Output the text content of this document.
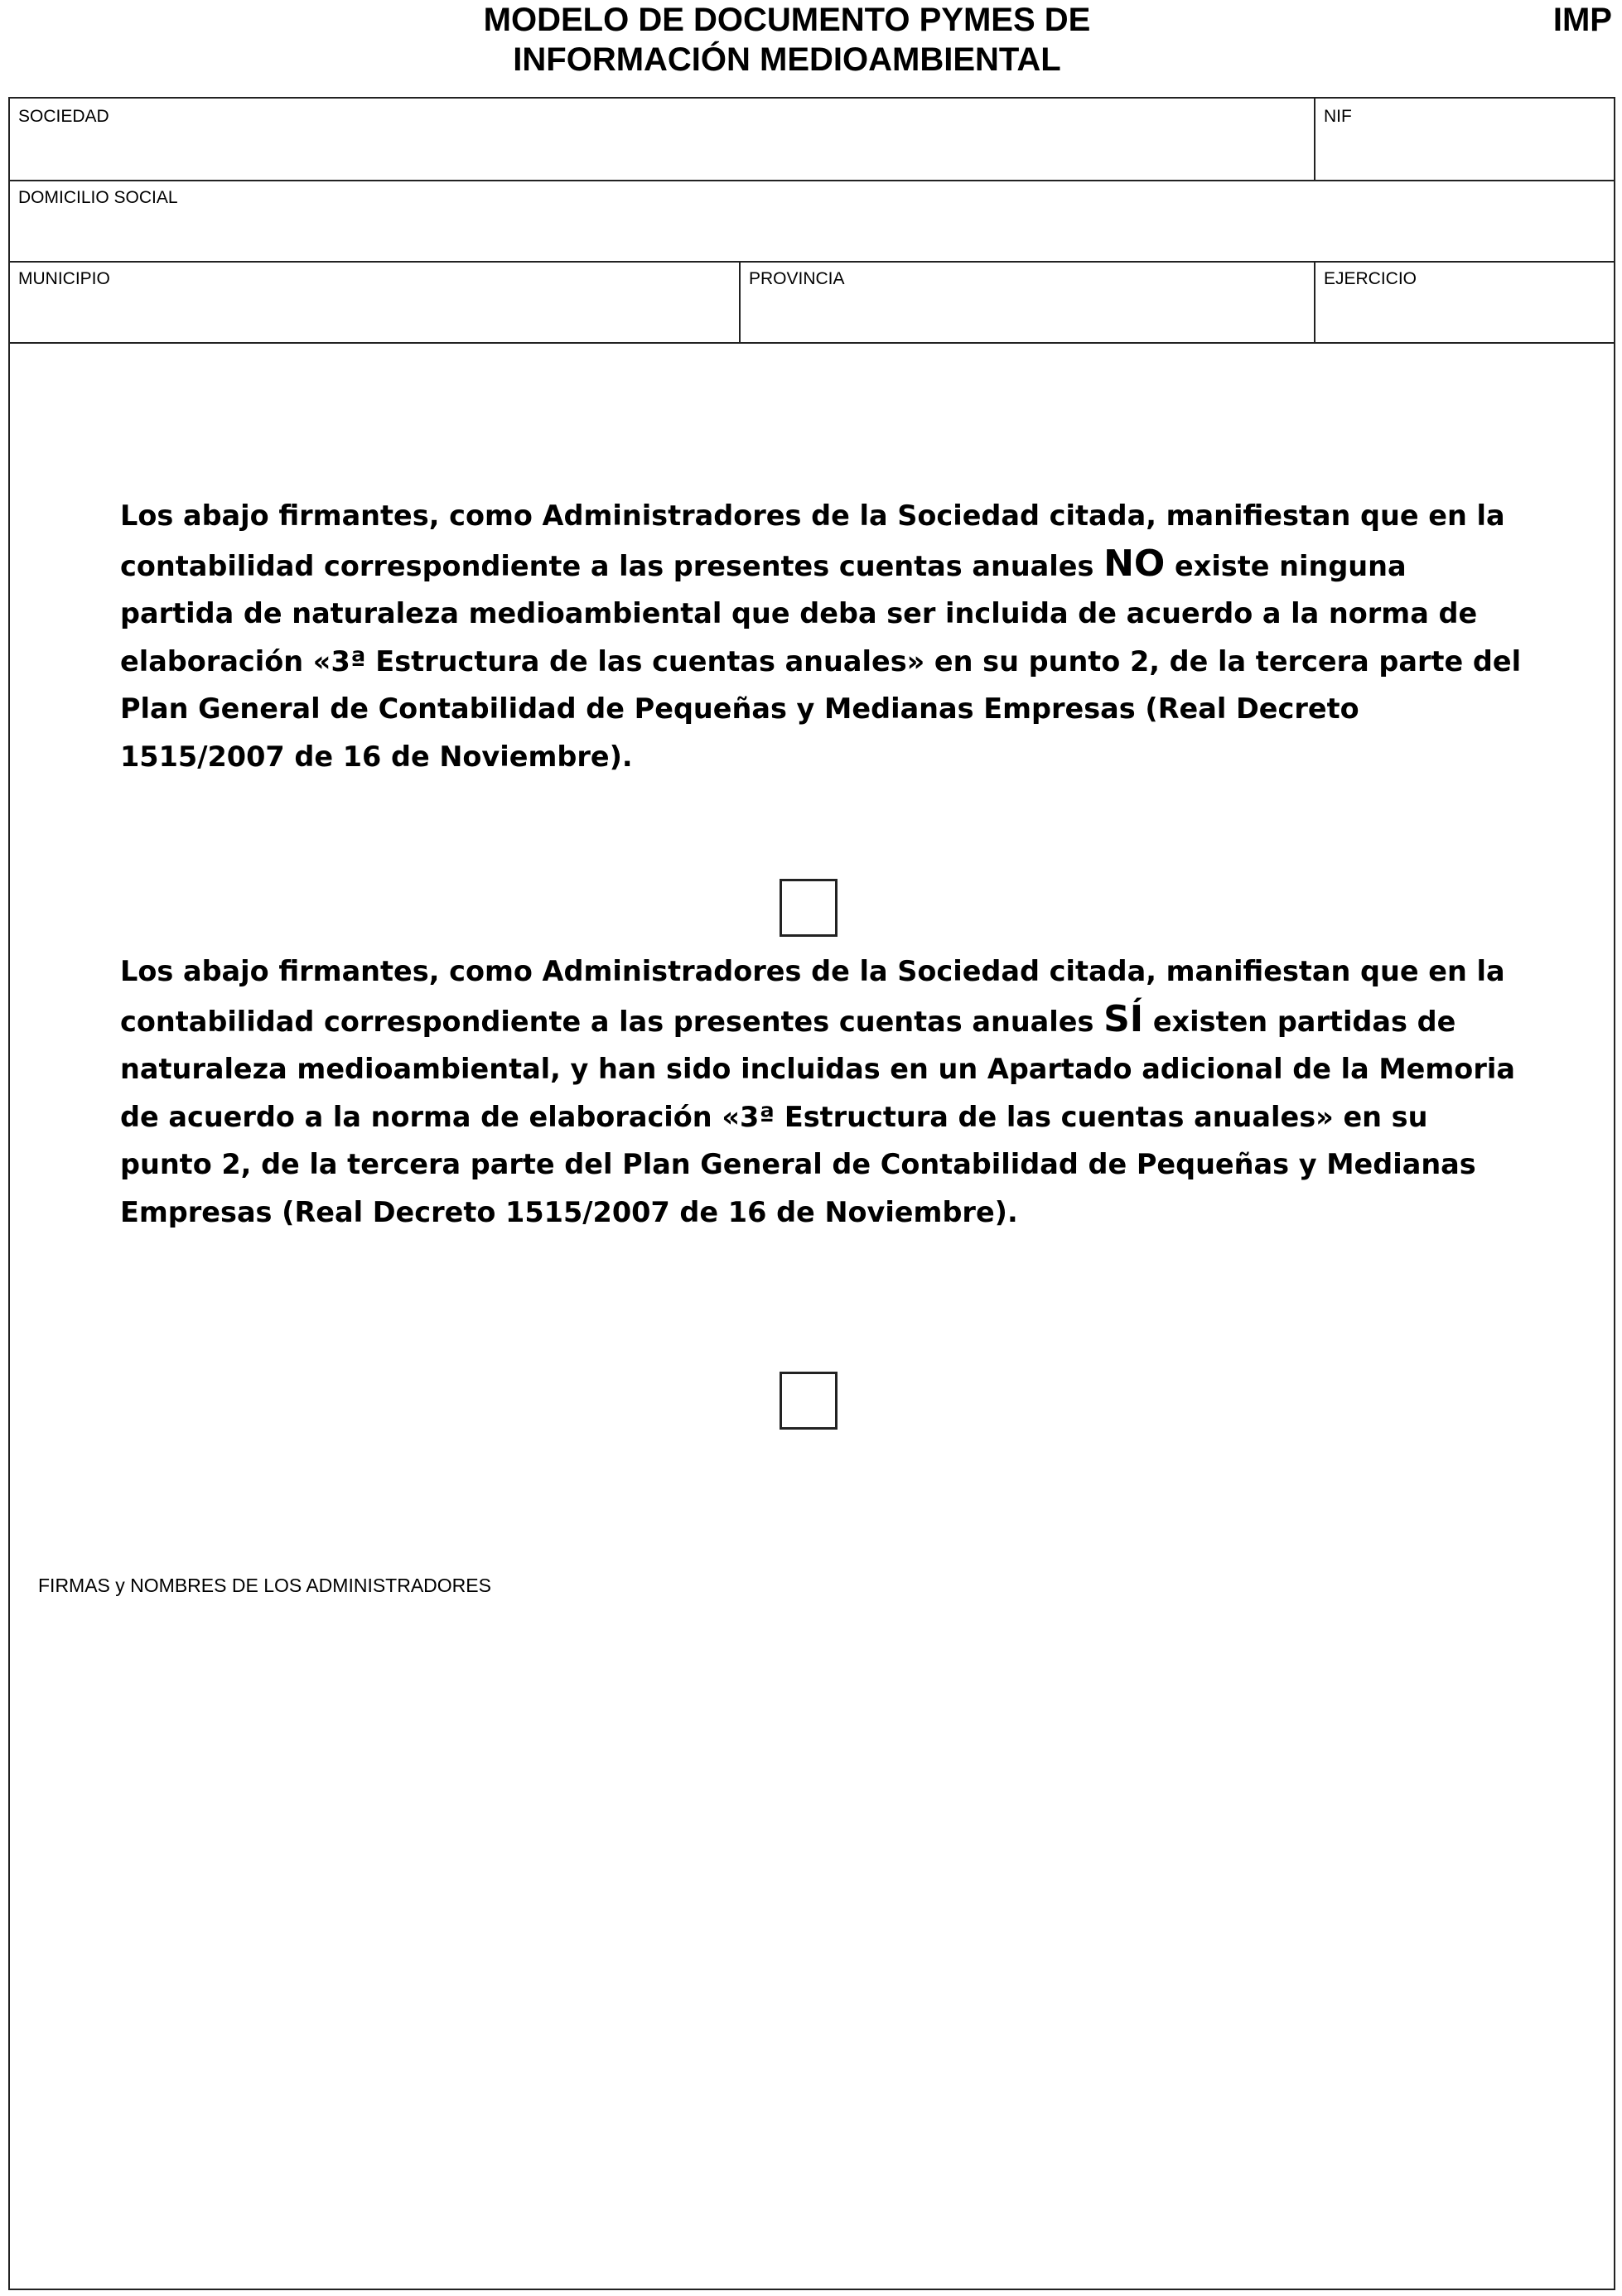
MODELO DE DOCUMENTO PYMES DE
INFORMACIÓN MEDIOAMBIENTAL
IMP
SOCIEDAD	NIF
DOMICILIO SOCIAL
MUNICIPIO	PROVINCIA	EJERCICIO
Los abajo firmantes, como Administradores de la Sociedad citada, manifiestan que en la contabilidad correspondiente a las presentes cuentas anuales NO existe ninguna partida de naturaleza medioambiental que deba ser incluida de acuerdo a la norma de elaboración «3ª Estructura de las cuentas anuales» en su punto 2, de la tercera parte del Plan General de Contabilidad de Pequeñas y Medianas Empresas (Real Decreto 1515/2007 de 16 de Noviembre).
Los abajo firmantes, como Administradores de la Sociedad citada, manifiestan que en la contabilidad correspondiente a las presentes cuentas anuales SÍ existen partidas de naturaleza medioambiental, y han sido incluidas en un Apartado adicional de la Memoria de acuerdo a la norma de elaboración «3ª Estructura de las cuentas anuales» en su punto 2, de la tercera parte del Plan General de Contabilidad de Pequeñas y Medianas Empresas (Real Decreto 1515/2007 de 16 de Noviembre).
FIRMAS y NOMBRES DE LOS ADMINISTRADORES
